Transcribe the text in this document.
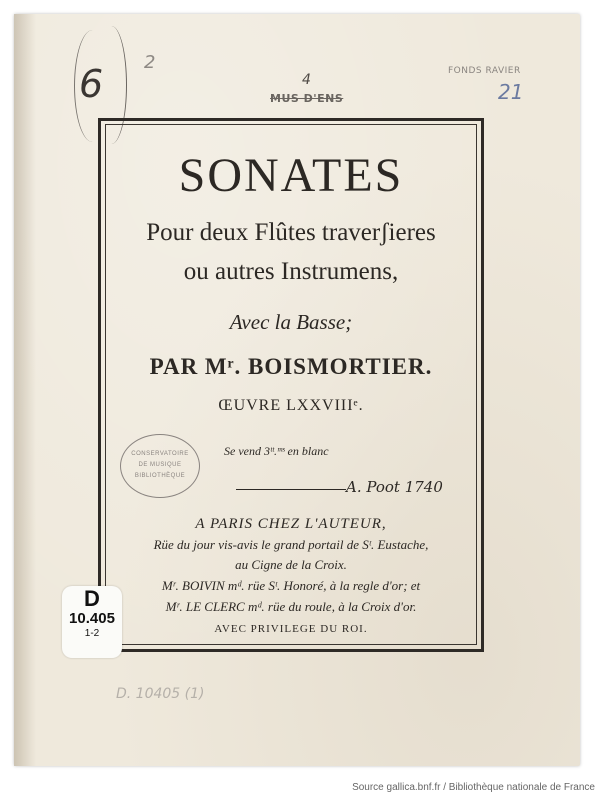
6 2
4
MUS D'ENS
FONDS RAVIER
21
D. 10405 (1)
SONATES
Pour deux Flûtes traverʃieres
ou autres Instrumens,
Avec la Basse;
PAR Mʳ. BOISMORTIER.
ŒUVRE LXXVIIIᵉ.
CONSERVATOIRE
DE MUSIQUE
BIBLIOTHÈQUE
Se vend 3ᵗᵗ.ᵐˢ en blanc
A. Poot 1740
A PARIS CHEZ L'AUTEUR,
Rüe du jour vis-avis le grand portail de Sᵗ. Eustache,
au Cigne de la Croix.
Mʳ. BOIVIN mᵈ. rüe Sᵗ. Honoré, à la regle d'or; et
Mʳ. LE CLERC mᵈ. rüe du roule, à la Croix d'or.
AVEC PRIVILEGE DU ROI.
D
10.405
1-2
Source gallica.bnf.fr / Bibliothèque nationale de France
